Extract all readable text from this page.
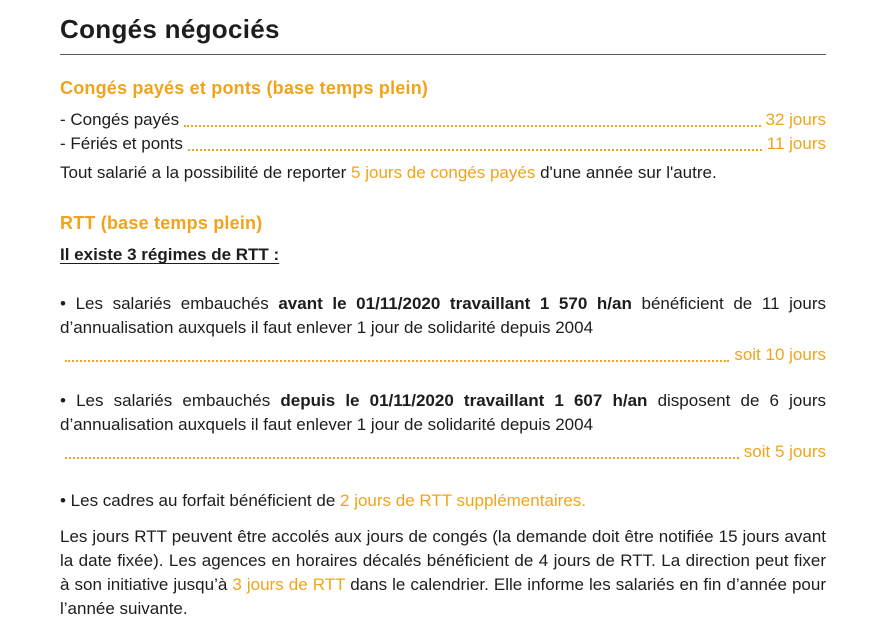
Congés négociés
Congés payés et ponts (base temps plein)
- Congés payés	32 jours
- Fériés et ponts	11 jours

Tout salarié a la possibilité de reporter 5 jours de congés payés d'une année sur l'autre.

RTT (base temps plein)

Il existe 3 régimes de RTT :

• Les salariés embauchés avant le 01/11/2020 travaillant 1 570 h/an bénéficient de 11 jours d’annualisation auxquels il faut enlever 1 jour de solidarité depuis 2004

soit 10 jours

• Les salariés embauchés depuis le 01/11/2020 travaillant 1 607 h/an disposent de 6 jours d’annualisation auxquels il faut enlever 1 jour de solidarité depuis 2004

soit 5 jours

• Les cadres au forfait bénéficient de 2 jours de RTT supplémentaires.

Les jours RTT peuvent être accolés aux jours de congés (la demande doit être notifiée 15 jours avant la date fixée). Les agences en horaires décalés bénéficient de 4 jours de RTT. La direction peut fixer à son initiative jusqu’à 3 jours de RTT dans le calendrier. Elle informe les salariés en fin d’année pour l’année suivante.
